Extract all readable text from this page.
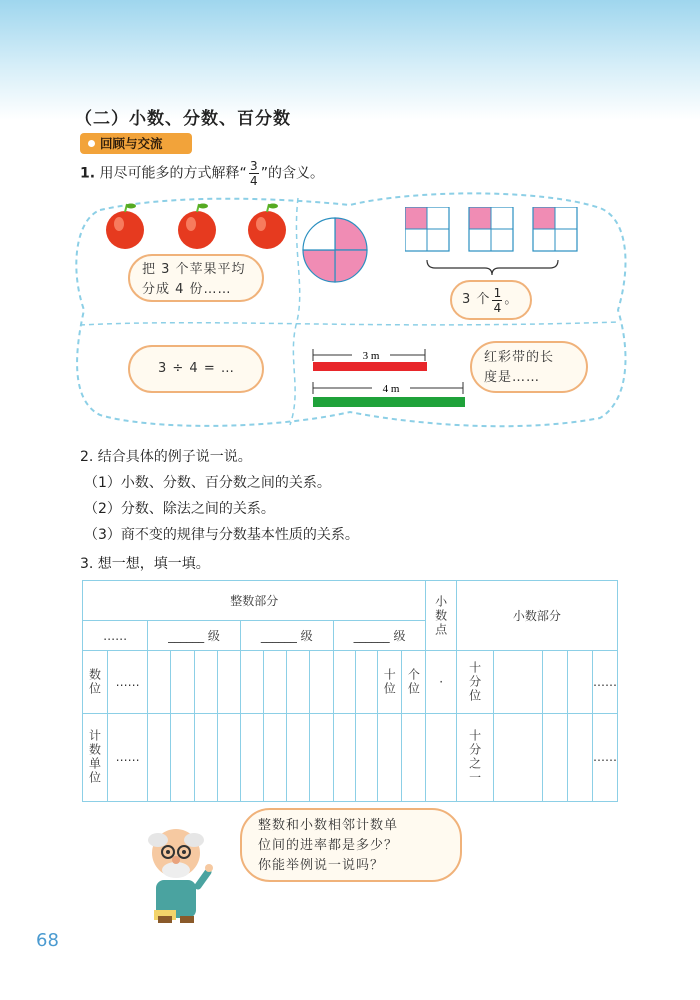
（二）小数、分数、百分数
回顾与交流
1. 用尽可能多的方式解释“ $\frac{3}{4}$ ”的含义。
把 3 个苹果平均
分成 4 份……
3 个 $\frac{1}{4}$ 。
3 ÷ 4 = …
3 m
4 m
红彩带的长
度是……
2. 结合具体的例子说一说。
（1）小数、分数、百分数之间的关系。
（2）分数、除法之间的关系。
（3）商不变的规律与分数基本性质的关系。
3. 想一想，填一填。
整数部分														小数点	小数部分				
……		______ 级				______ 级				______ 级									

数位	……											十位	个位	·	十分位				……

计数单位	……														十分之一				……
整数和小数相邻计数单
位间的进率都是多少？
你能举例说一说吗？
68
